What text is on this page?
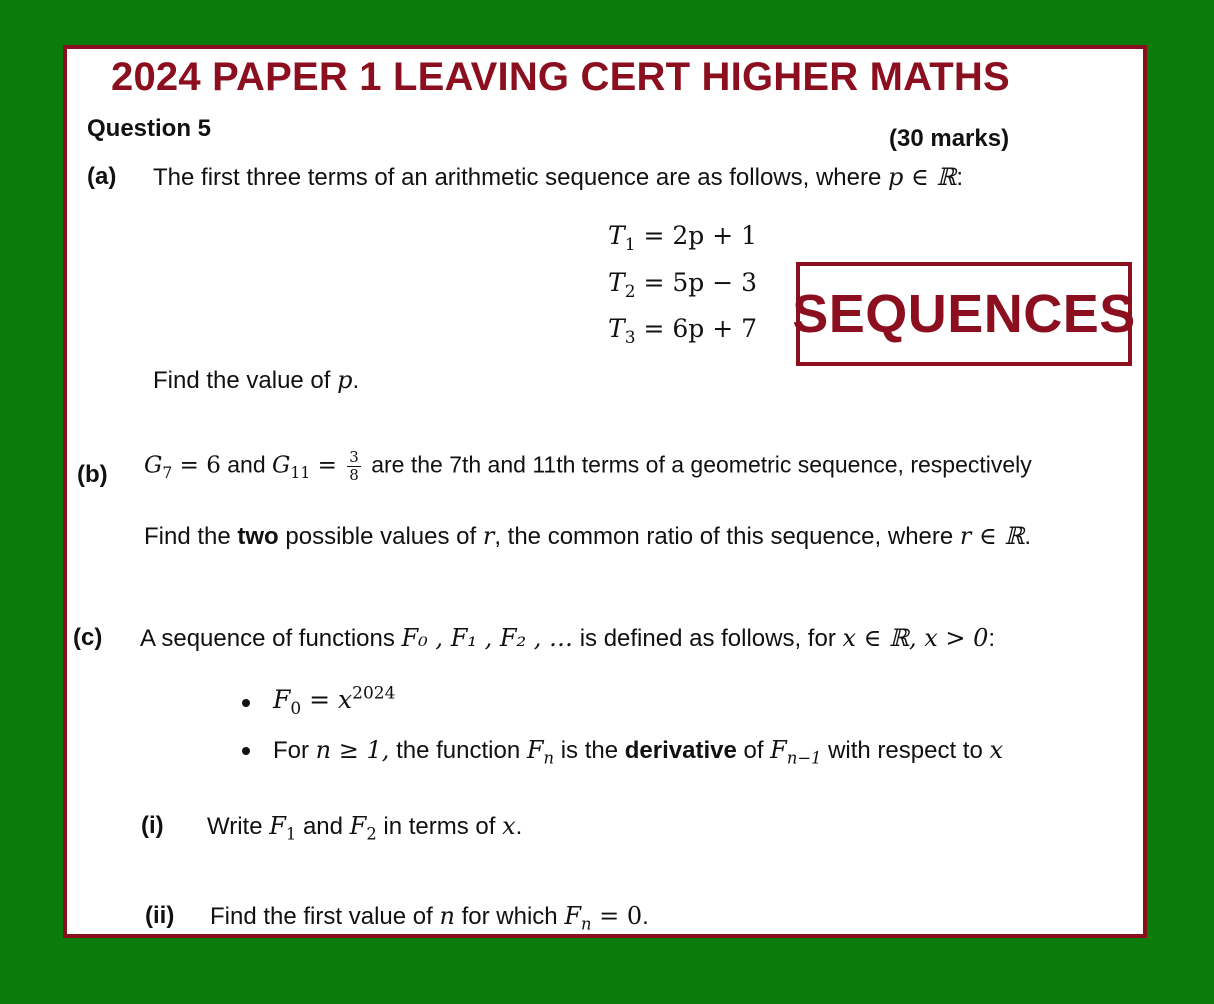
2024 PAPER 1 LEAVING CERT HIGHER MATHS
Question 5	(30 marks)
(a) The first three terms of an arithmetic sequence are as follows, where p ∈ ℝ:
$T_1 = 2p + 1$
$T_2 = 5p - 3$
$T_3 = 6p + 7$ SEQUENCES
Find the value of p.
(b) $G_7 = 6$ and $G_{11} = \frac{3}{8}$ are the 7th and 11th terms of a geometric sequence, respectively
Find the two possible values of r, the common ratio of this sequence, where r ∈ ℝ.
(c) A sequence of functions F₀ , F₁ , F₂ , … is defined as follows, for x ∈ ℝ, x > 0:
$F_0 = x^{2024}$
For n ≥ 1, the function $F_n$ is the derivative of $F_{n-1}$ with respect to x
(i) Write $F_1$ and $F_2$ in terms of x.
(ii) Find the first value of n for which $F_n = 0$.
